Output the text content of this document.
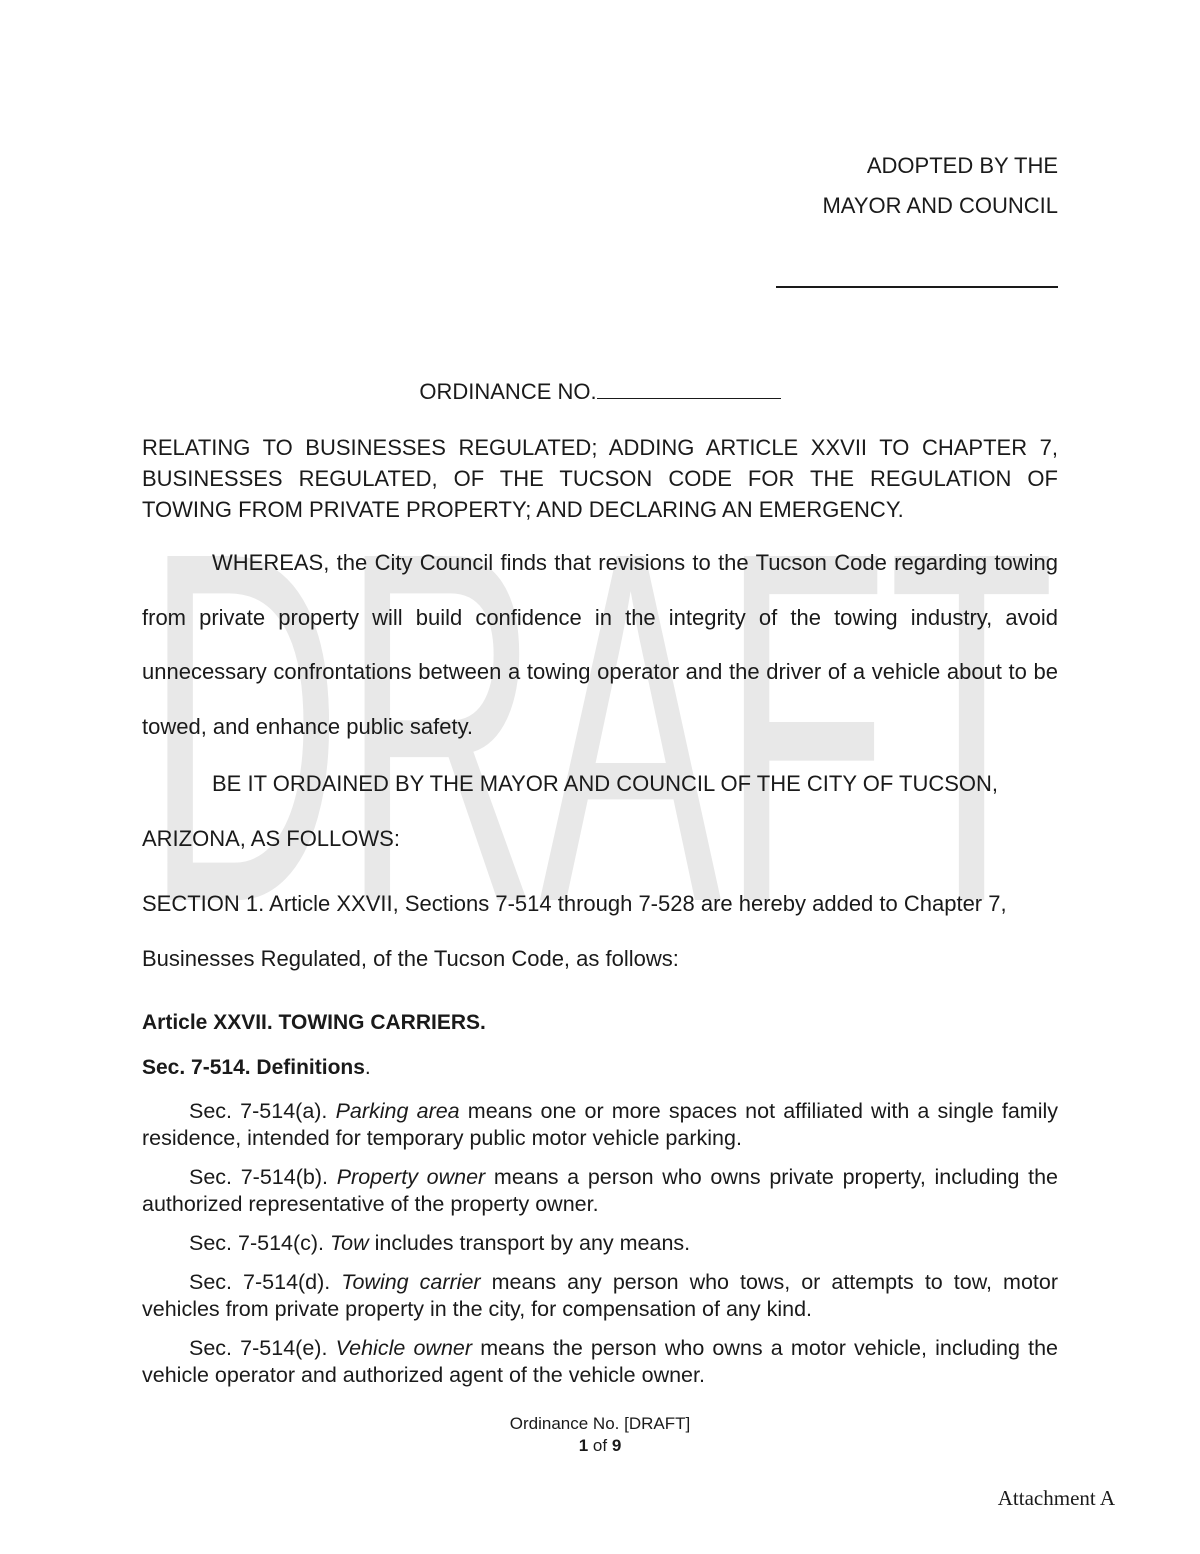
DRAFT
ADOPTED BY THE
MAYOR AND COUNCIL
ORDINANCE NO.
RELATING TO BUSINESSES REGULATED; ADDING ARTICLE XXVII TO CHAPTER 7, BUSINESSES REGULATED, OF THE TUCSON CODE FOR THE REGULATION OF TOWING FROM PRIVATE PROPERTY; AND DECLARING AN EMERGENCY.
WHEREAS, the City Council finds that revisions to the Tucson Code regarding towing from private property will build confidence in the integrity of the towing industry, avoid unnecessary confrontations between a towing operator and the driver of a vehicle about to be towed, and enhance public safety.
BE IT ORDAINED BY THE MAYOR AND COUNCIL OF THE CITY OF TUCSON, ARIZONA, AS FOLLOWS:
SECTION 1. Article XXVII, Sections 7-514 through 7-528 are hereby added to Chapter 7, Businesses Regulated, of the Tucson Code, as follows:
Article XXVII. TOWING CARRIERS.
Sec. 7-514. Definitions.

Sec. 7-514(a). Parking area means one or more spaces not affiliated with a single family residence, intended for temporary public motor vehicle parking.

Sec. 7-514(b). Property owner means a person who owns private property, including the authorized representative of the property owner.

Sec. 7-514(c). Tow includes transport by any means.

Sec. 7-514(d). Towing carrier means any person who tows, or attempts to tow, motor vehicles from private property in the city, for compensation of any kind.

Sec. 7-514(e). Vehicle owner means the person who owns a motor vehicle, including the vehicle operator and authorized agent of the vehicle owner.

Ordinance No. [DRAFT]
1 of 9
Attachment A
